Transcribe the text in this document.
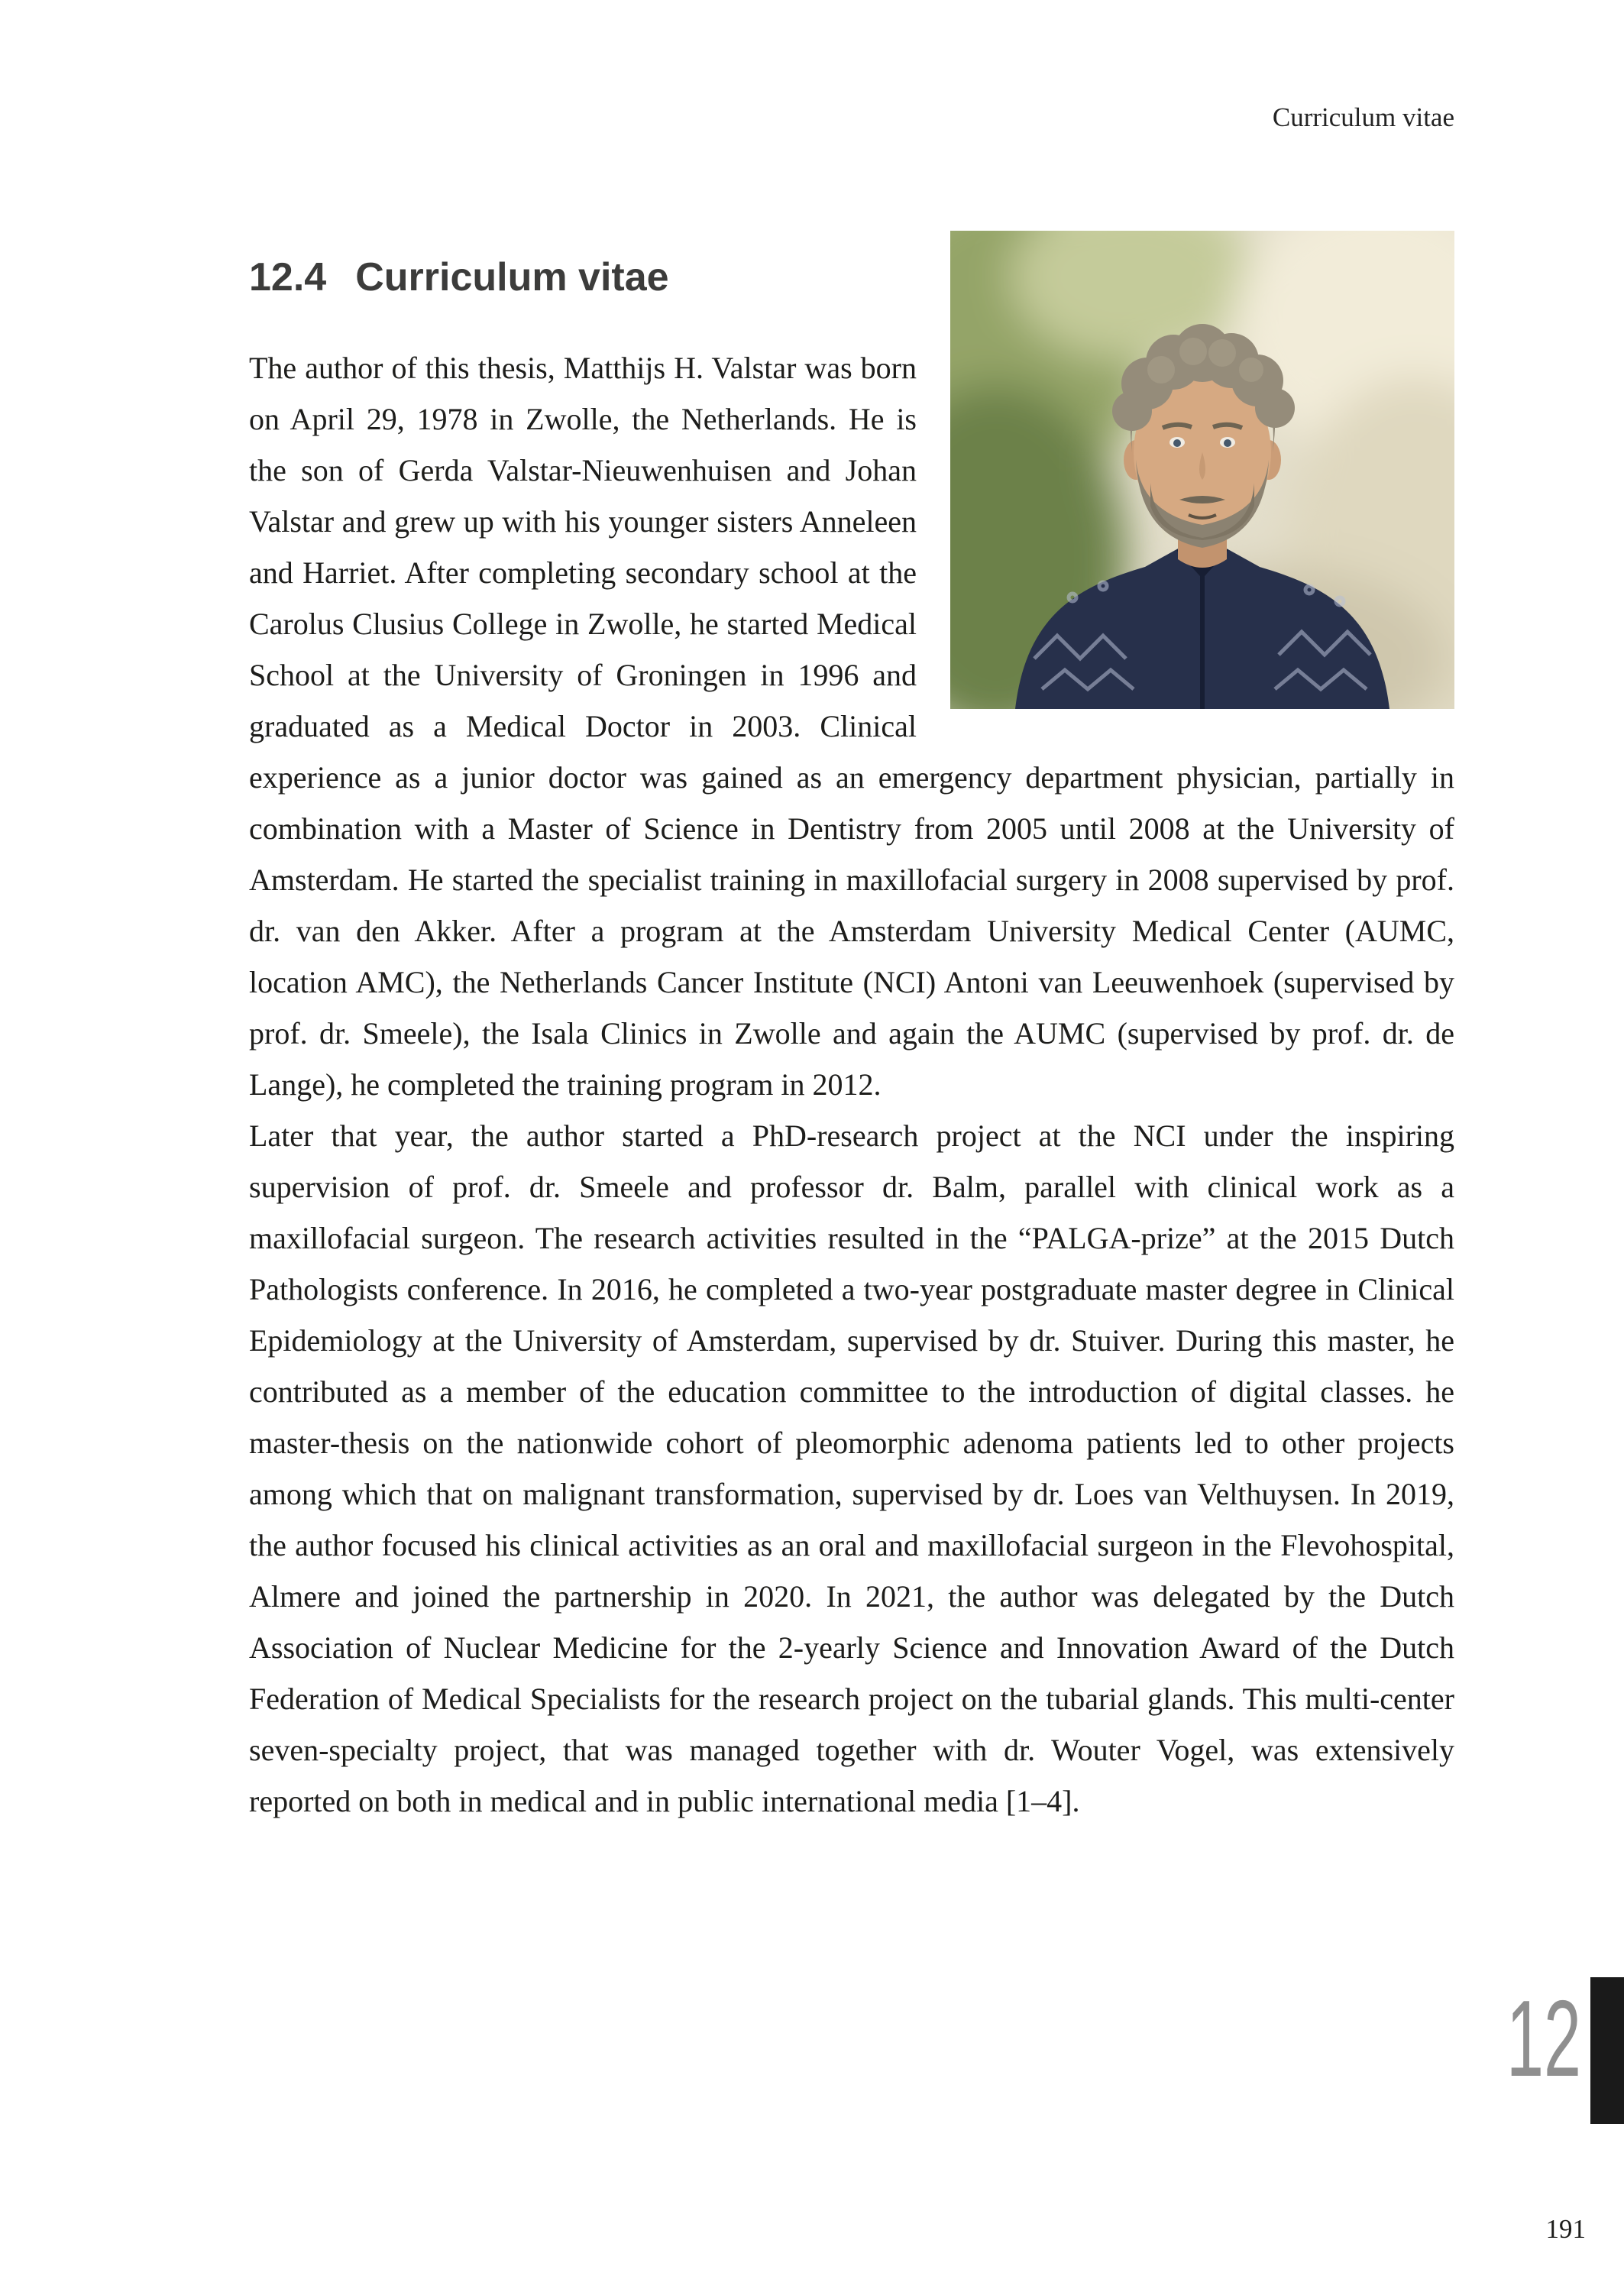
Curriculum vitae
12.4 Curriculum vitae

The author of this thesis, Matthijs H. Valstar was born on April 29, 1978 in Zwolle, the Netherlands. He is the son of Gerda Valstar-Nieuwenhuisen and Johan Valstar and grew up with his younger sisters Anneleen and Harriet. After completing secondary school at the Carolus Clusius College in Zwolle, he started Medical School at the University of Groningen in 1996 and graduated as a Medical Doctor in 2003. Clinical experience as a junior doctor was gained as an emergency department physician, partially in combination with a Master of Science in Dentistry from 2005 until 2008 at the University of Amsterdam. He started the specialist training in maxillofacial surgery in 2008 supervised by prof. dr. van den Akker. After a program at the Amsterdam University Medical Center (AUMC, location AMC), the Netherlands Cancer Institute (NCI) Antoni van Leeuwenhoek (supervised by prof. dr. Smeele), the Isala Clinics in Zwolle and again the AUMC (supervised by prof. dr. de Lange), he completed the training program in 2012.

Later that year, the author started a PhD-research project at the NCI under the inspiring supervision of prof. dr. Smeele and professor dr. Balm, parallel with clinical work as a maxillofacial surgeon. The research activities resulted in the “PALGA-prize” at the 2015 Dutch Pathologists conference. In 2016, he completed a two-year postgraduate master degree in Clinical Epidemiology at the University of Amsterdam, supervised by dr. Stuiver. During this master, he contributed as a member of the education committee to the introduction of digital classes. he master-thesis on the nationwide cohort of pleomorphic adenoma patients led to other projects among which that on malignant transformation, supervised by dr. Loes van Velthuysen. In 2019, the author focused his clinical activities as an oral and maxillofacial surgeon in the Flevohospital, Almere and joined the partnership in 2020. In 2021, the author was delegated by the Dutch Association of Nuclear Medicine for the 2-yearly Science and Innovation Award of the Dutch Federation of Medical Specialists for the research project on the tubarial glands. This multi-center seven-specialty project, that was managed together with dr. Wouter Vogel, was extensively reported on both in medical and in public international media [1–4].

12
191
